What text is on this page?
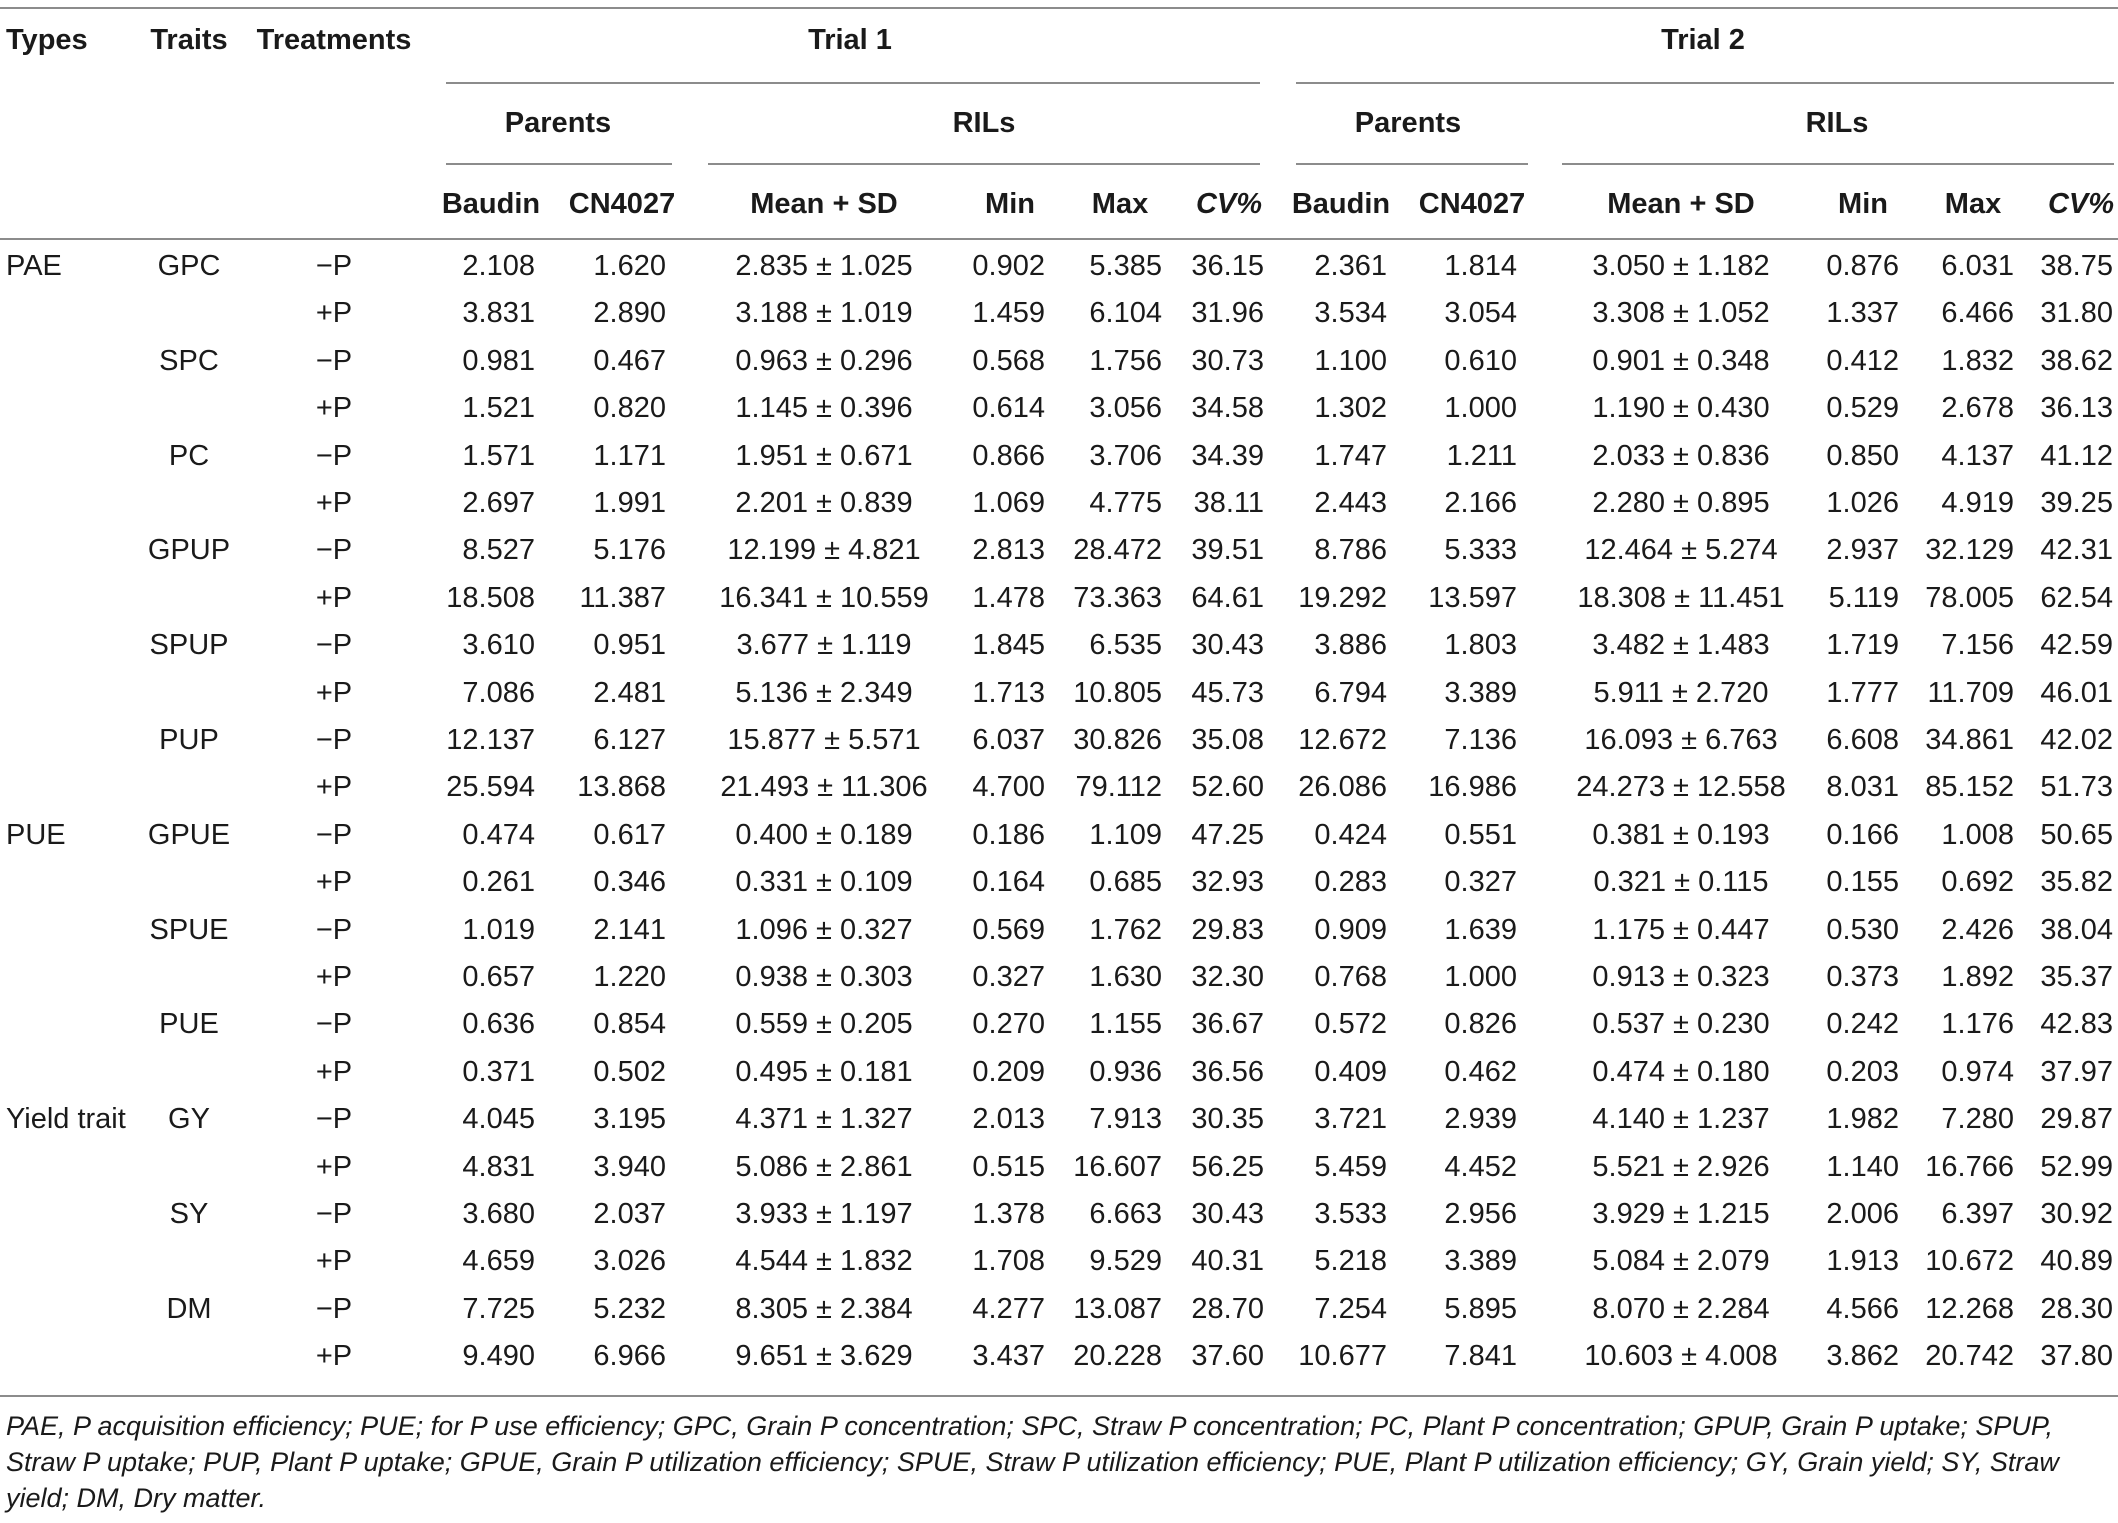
Types Traits Treatments	Trial 1	Trial 2
Parents	RILs	Parents	RILs
Baudin CN4027	Mean + SD	Min Max CV% Baudin CN4027	Mean + SD	Min Max CV%
PAE	GPC	−P	2.108 1.620 2.835 ± 1.025 0.902 5.385 36.15 2.361 1.814	3.050 ± 1.182 0.876 6.031 38.75
+P	3.831 2.890 3.188 ± 1.019 1.459 6.104 31.96 3.534 3.054	3.308 ± 1.052 1.337 6.466 31.80
SPC	−P	0.981 0.467 0.963 ± 0.296 0.568 1.756 30.73 1.100 0.610	0.901 ± 0.348 0.412 1.832 38.62
+P	1.521 0.820 1.145 ± 0.396 0.614 3.056 34.58 1.302 1.000	1.190 ± 0.430 0.529 2.678 36.13
PC	−P	1.571 1.171 1.951 ± 0.671 0.866 3.706 34.39 1.747 1.211	2.033 ± 0.836 0.850 4.137 41.12
+P	2.697 1.991 2.201 ± 0.839 1.069 4.775 38.11 2.443 2.166	2.280 ± 0.895 1.026 4.919 39.25
GPUP	−P	8.527 5.176 12.199 ± 4.821 2.813 28.472 39.51 8.786 5.333 12.464 ± 5.274 2.937 32.129 42.31
+P	18.508 11.387 16.341 ± 10.559 1.478 73.363 64.61 19.292 13.597 18.308 ± 11.451 5.119 78.005 62.54
SPUP	−P	3.610 0.951 3.677 ± 1.119 1.845 6.535 30.43 3.886 1.803	3.482 ± 1.483 1.719 7.156 42.59
+P	7.086 2.481 5.136 ± 2.349 1.713 10.805 45.73 6.794 3.389	5.911 ± 2.720 1.777 11.709 46.01
PUP	−P	12.137 6.127 15.877 ± 5.571 6.037 30.826 35.08 12.672 7.136 16.093 ± 6.763 6.608 34.861 42.02
+P	25.594 13.868 21.493 ± 11.306 4.700 79.112 52.60 26.086 16.986 24.273 ± 12.558 8.031 85.152 51.73
PUE	GPUE	−P	0.474 0.617 0.400 ± 0.189 0.186 1.109 47.25 0.424 0.551	0.381 ± 0.193 0.166 1.008 50.65
+P	0.261 0.346 0.331 ± 0.109 0.164 0.685 32.93 0.283 0.327	0.321 ± 0.115 0.155 0.692 35.82
SPUE	−P	1.019 2.141 1.096 ± 0.327 0.569 1.762 29.83 0.909 1.639	1.175 ± 0.447 0.530 2.426 38.04
+P	0.657 1.220 0.938 ± 0.303 0.327 1.630 32.30 0.768 1.000	0.913 ± 0.323 0.373 1.892 35.37
PUE	−P	0.636 0.854 0.559 ± 0.205 0.270 1.155 36.67 0.572 0.826	0.537 ± 0.230 0.242 1.176 42.83
+P	0.371 0.502 0.495 ± 0.181 0.209 0.936 36.56 0.409 0.462	0.474 ± 0.180 0.203 0.974 37.97
Yield trait GY	−P	4.045 3.195 4.371 ± 1.327 2.013 7.913 30.35 3.721 2.939	4.140 ± 1.237 1.982 7.280 29.87
+P	4.831 3.940 5.086 ± 2.861 0.515 16.607 56.25 5.459 4.452	5.521 ± 2.926 1.140 16.766 52.99
SY	−P	3.680 2.037 3.933 ± 1.197 1.378 6.663 30.43 3.533 2.956	3.929 ± 1.215 2.006 6.397 30.92
+P	4.659 3.026 4.544 ± 1.832 1.708 9.529 40.31 5.218 3.389	5.084 ± 2.079 1.913 10.672 40.89
DM	−P	7.725 5.232 8.305 ± 2.384 4.277 13.087 28.70 7.254 5.895	8.070 ± 2.284 4.566 12.268 28.30
+P	9.490 6.966 9.651 ± 3.629 3.437 20.228 37.60 10.677 7.841 10.603 ± 4.008 3.862 20.742 37.80
PAE, P acquisition efficiency; PUE; for P use efficiency; GPC, Grain P concentration; SPC, Straw P concentration; PC, Plant P concentration; GPUP, Grain P uptake; SPUP, Straw P uptake; PUP, Plant P uptake; GPUE, Grain P utilization efficiency; SPUE, Straw P utilization efficiency; PUE, Plant P utilization efficiency; GY, Grain yield; SY, Straw yield; DM, Dry matter.
